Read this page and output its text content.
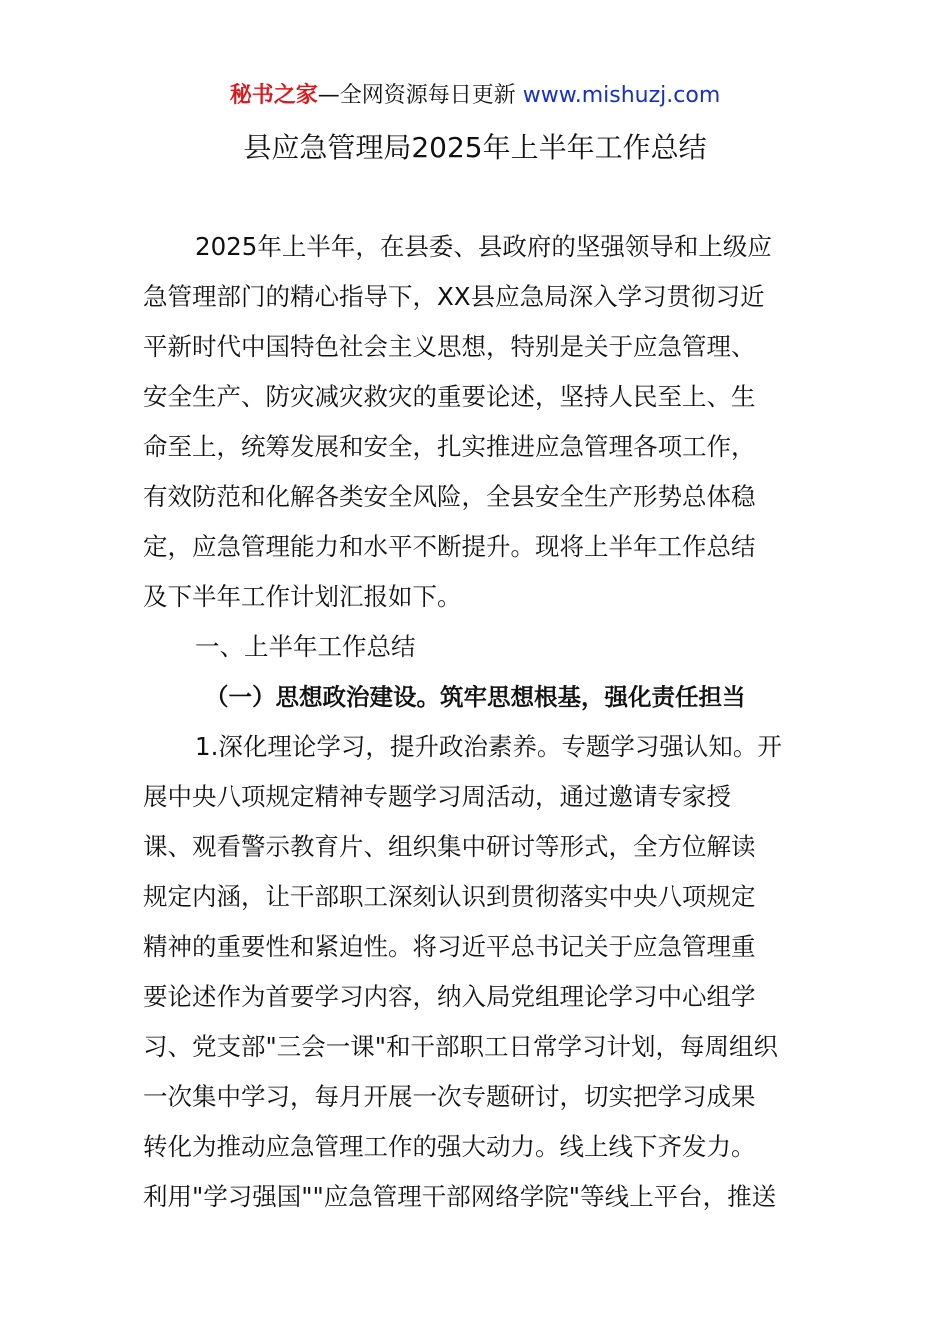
秘书之家—全网资源每日更新 www.mishuzj.com
县应急管理局2025年上半年工作总结
2025年上半年，在县委、县政府的坚强领导和上级应
急管理部门的精心指导下，XX县应急局深入学习贯彻习近
平新时代中国特色社会主义思想，特别是关于应急管理、
安全生产、防灾减灾救灾的重要论述，坚持人民至上、生
命至上，统筹发展和安全，扎实推进应急管理各项工作，
有效防范和化解各类安全风险，全县安全生产形势总体稳
定，应急管理能力和水平不断提升。现将上半年工作总结
及下半年工作计划汇报如下。
一、上半年工作总结
（一）思想政治建设。筑牢思想根基，强化责任担当
1.深化理论学习，提升政治素养。专题学习强认知。开
展中央八项规定精神专题学习周活动，通过邀请专家授
课、观看警示教育片、组织集中研讨等形式，全方位解读
规定内涵，让干部职工深刻认识到贯彻落实中央八项规定
精神的重要性和紧迫性。将习近平总书记关于应急管理重
要论述作为首要学习内容，纳入局党组理论学习中心组学
习、党支部"三会一课"和干部职工日常学习计划，每周组织
一次集中学习，每月开展一次专题研讨，切实把学习成果
转化为推动应急管理工作的强大动力。线上线下齐发力。
利用"学习强国""应急管理干部网络学院"等线上平台，推送
